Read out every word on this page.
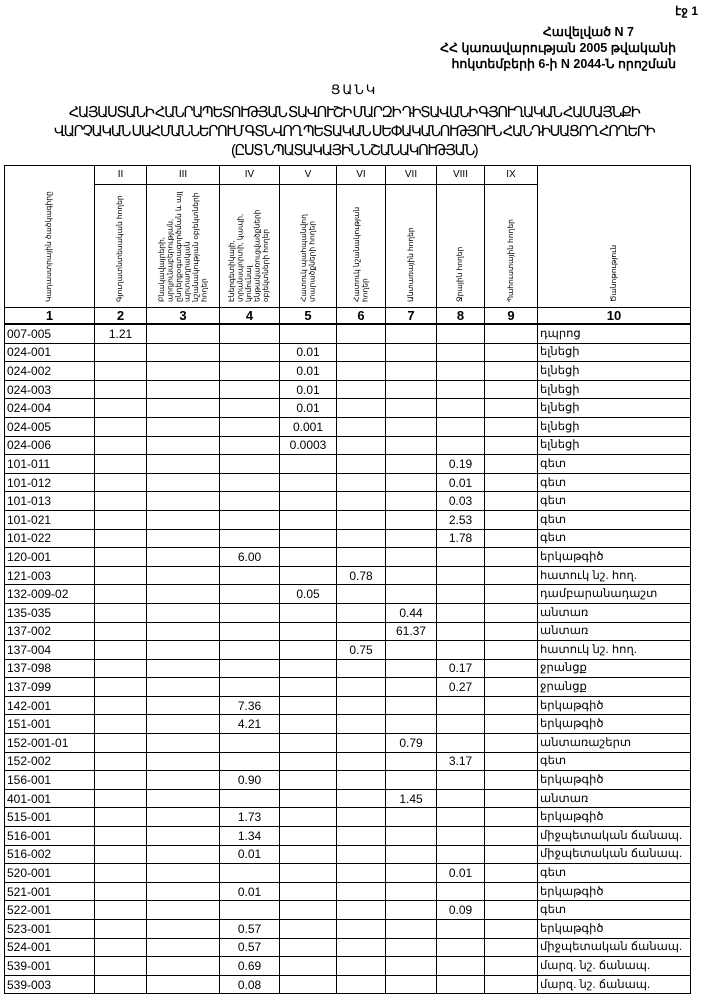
էջ 1
Հավելված N 7
ՀՀ կառավարության 2005 թվականի
հոկտեմբերի 6-ի N 2044-Ն որոշման
ՑԱՆԿ
ՀԱՅԱՍՏԱՆԻ ՀԱՆՐԱՊԵՏՈՒԹՅԱՆ ՏԱՎՈՒՇԻ ՄԱՐԶԻ ԴԻՏԱՎԱՆԻ ԳՅՈՒՂԱԿԱՆ ՀԱՄԱՅՆՔԻ
ՎԱՐՉԱԿԱՆ ՍԱՀՄԱՆՆԵՐՈՒՄ ԳՏՆՎՈՂ ՊԵՏԱԿԱՆ ՍԵՓԱԿԱՆՈՒԹՅՈՒՆ ՀԱՆԴԻՍԱՑՈՂ ՀՈՂԵՐԻ
(ԸՍՏ ՆՊԱՏԱԿԱՅԻՆ ՆՇԱՆԱԿՈՒԹՅԱՆ)
Կադաստրային ծածկագիրը	II	III	IV	V	VI	VII	VIII	IX	Ծանոթություն
	Գյուղատնտեսական հողեր	Բնակավայրերի, արդյունաբերության, ընդերքօգտագործման և այլ արտադրական նշանակության օբյեկտների հողեր	Էներգետիկայի, տրանսպորտի, կապի, կոմունալ ենթակառուցվածքների օբյեկտների հողեր	Հատուկ պահպանվող տարածքների հողեր	Հատուկ նշանակության հողեր	Անտառային հողեր	Ջրային հողեր	Պահուստային հողեր	
1	2	3	4	5	6	7	8	9	10
007-005	1.21								դպրոց
024-001				0.01					ելնեցի
024-002				0.01					ելնեցի
024-003				0.01					ելնեցի
024-004				0.01					ելնեցի
024-005				0.001					ելնեցի
024-006				0.0003					ելնեցի
101-011							0.19		գետ
101-012							0.01		գետ
101-013							0.03		գետ
101-021							2.53		գետ
101-022							1.78		գետ
120-001			6.00						երկաթգիծ
121-003					0.78				հատուկ նշ. հող.
132-009-02				0.05					դամբարանադաշտ
135-035						0.44			անտառ
137-002						61.37			անտառ
137-004					0.75				հատուկ նշ. հող.
137-098							0.17		ջրանցք
137-099							0.27		ջրանցք
142-001			7.36						երկաթգիծ
151-001			4.21						երկաթգիծ
152-001-01						0.79			անտառաշերտ
152-002							3.17		գետ
156-001			0.90						երկաթգիծ
401-001						1.45			անտառ
515-001			1.73						երկաթգիծ
516-001			1.34						միջպետական ճանապ.
516-002			0.01						միջպետական ճանապ.
520-001							0.01		գետ
521-001			0.01						երկաթգիծ
522-001							0.09		գետ
523-001			0.57						երկաթգիծ
524-001			0.57						միջպետական ճանապ.
539-001			0.69						մարզ. նշ. ճանապ.
539-003			0.08						մարզ. նշ. ճանապ.
